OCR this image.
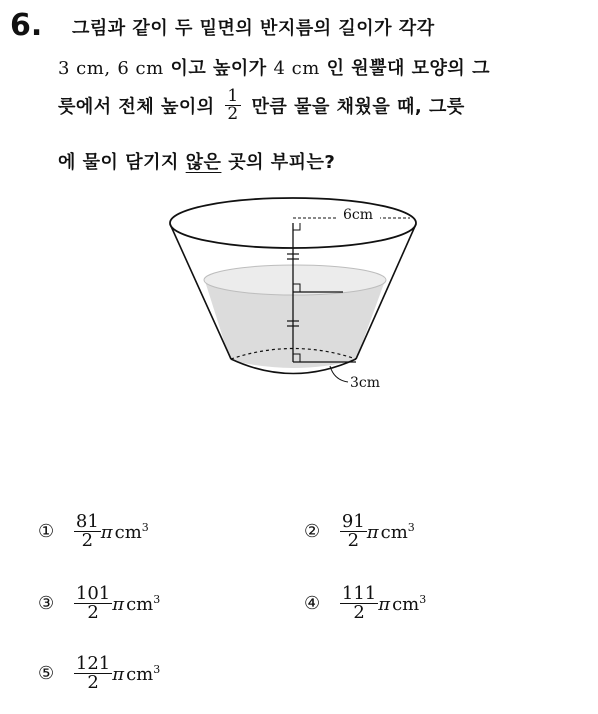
6. 그림과 같이 두 밑면의 반지름의 길이가 각각
3 cm, 6 cm 이고 높이가 4 cm 인 원뿔대 모양의 그
릇에서 전체 높이의 $\frac{1}{2}$ 만큼 물을 채웠을 때, 그릇
에 물이 담기지 않은 곳의 부피는?
6cm
3cm
① $\frac{81}{2}$ π $cm^3$	② $\frac{91}{2}$ π $cm^3$
③ $\frac{101}{2}$ π $cm^3$	④ $\frac{111}{2}$ π $cm^3$
⑤ $\frac{121}{2}$ π $cm^3$
